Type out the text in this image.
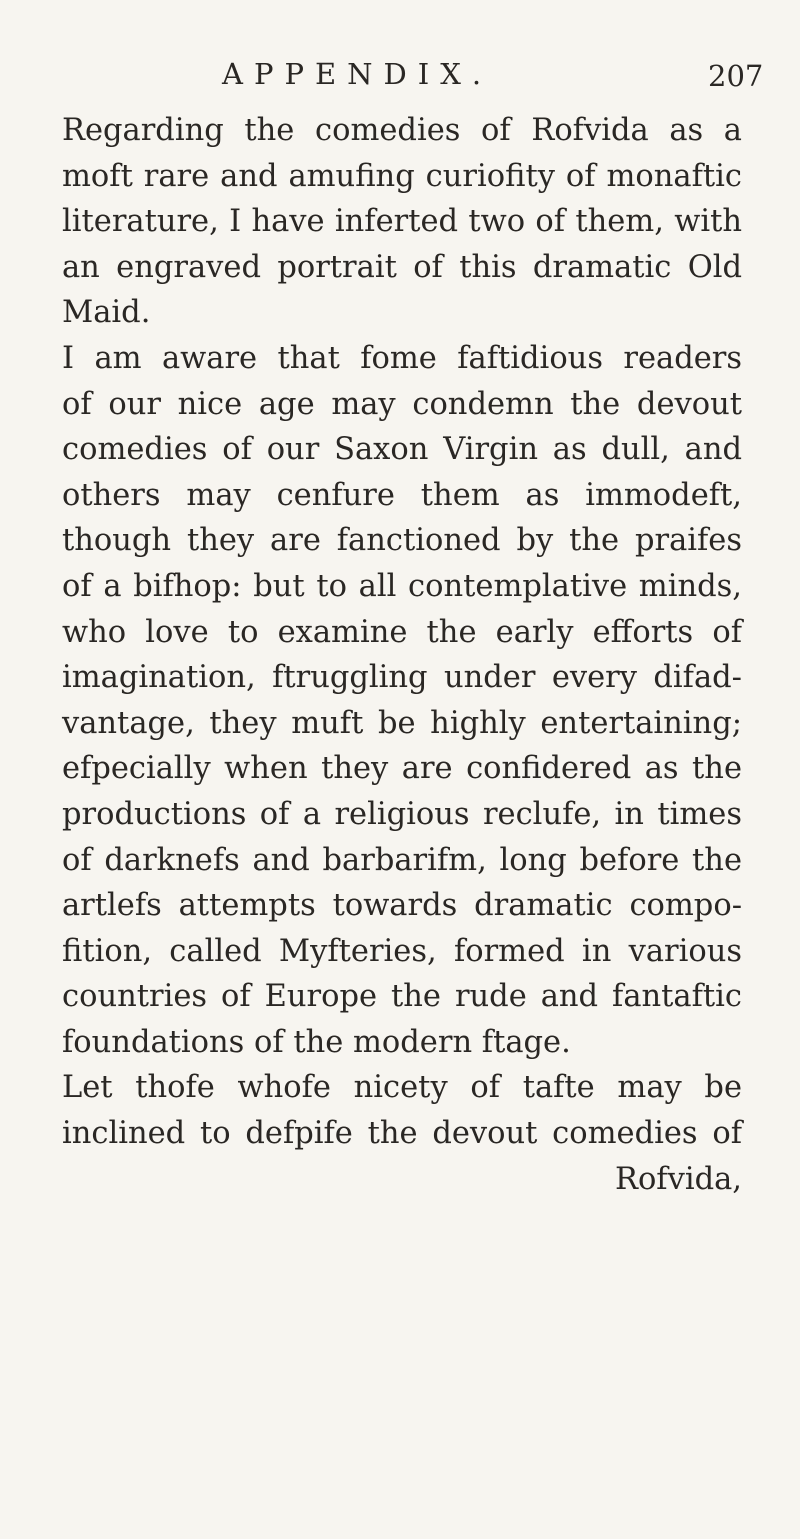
APPENDIX.	207
Regarding the comedies of Rofvida as a
moft rare and amufing curiofity of monaftic
literature, I have inferted two of them, with
an engraved portrait of this dramatic Old
Maid.
I am aware that fome faftidious readers
of our nice age may condemn the devout
comedies of our Saxon Virgin as dull, and
others may cenfure them as immodeft,
though they are fanctioned by the praifes
of a bifhop: but to all contemplative minds,
who love to examine the early efforts of
imagination, ftruggling under every difad-
vantage, they muft be highly entertaining;
efpecially when they are confidered as the
productions of a religious reclufe, in times
of darknefs and barbarifm, long before the
artlefs attempts towards dramatic compo-
fition, called Myfteries, formed in various
countries of Europe the rude and fantaftic
foundations of the modern ftage.
Let thofe whofe nicety of tafte may be
inclined to defpife the devout comedies of
Rofvida,
